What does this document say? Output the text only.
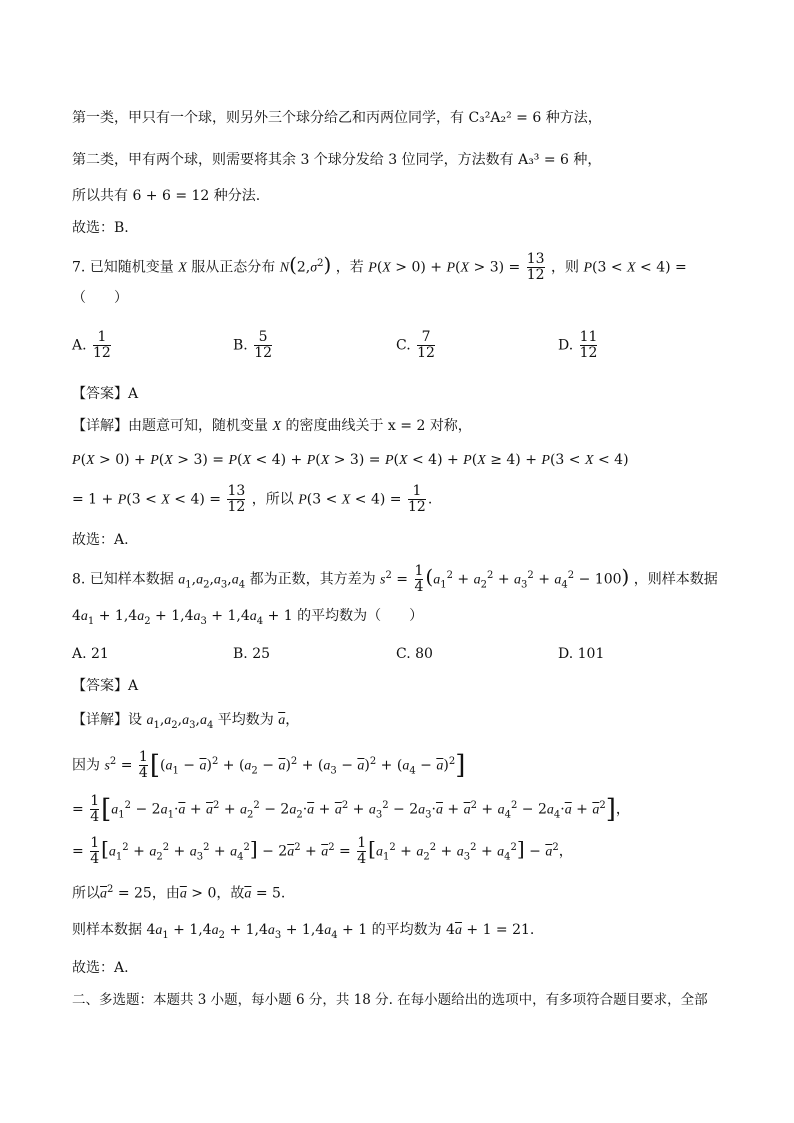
第一类，甲只有一个球，则另外三个球分给乙和丙两位同学，有 C₃²A₂² = 6 种方法，
第二类，甲有两个球，则需要将其余 3 个球分发给 3 位同学，方法数有 A₃³ = 6 种，
所以共有 6 + 6 = 12 种分法.
故选：B.
7. 已知随机变量 X 服从正态分布 $N(2,\sigma^2)$ ，若 $P(X > 0) + P(X > 3) = \frac{13}{12}$ ，则 P(3 < X < 4) =
（　　）
A. $\frac{1}{12}$	B. $\frac{5}{12}$	C. $\frac{7}{12}$	D. $\frac{11}{12}$
【答案】A
【详解】由题意可知，随机变量 X 的密度曲线关于 x = 2 对称，
P(X > 0) + P(X > 3) = P(X < 4) + P(X > 3) = P(X < 4) + P(X ≥ 4) + P(3 < X < 4)
= $1 + P(3 < X < 4) = \frac{13}{12}$ ，所以 $P(3 < X < 4) = \frac{1}{12}$ .
故选：A.
8. 已知样本数据 $a_1,a_2,a_3,a_4$ 都为正数，其方差为 $s^2 = \frac{1}{4} (a_1^2 + a_2^2 + a_3^2 + a_4^2 - 100)$ ，则样本数据
$4a_1 + 1,4a_2 + 1,4a_3 + 1,4a_4 + 1$ 的平均数为（　　）
A. 21	B. 25	C. 80	D. 101
【答案】A
【详解】设 $a_1,a_2,a_3,a_4$ 平均数为 $\overline{a}$，
因为 $s^2 = \frac{1}{4} [(a_1 - \overline{a})^2 + (a_2 - \overline{a})^2 + (a_3 - \overline{a})^2 + (a_4 - \overline{a})^2]$
= $\frac{1}{4} [a_1^2 - 2a_1\cdot\overline{a} + \overline{a}^2 + a_2^2 - 2a_2\cdot\overline{a} + \overline{a}^2 + a_3^2 - 2a_3\cdot\overline{a} + \overline{a}^2 + a_4^2 - 2a_4\cdot\overline{a} + \overline{a}^2]$，
= $\frac{1}{4} [a_1^2 + a_2^2 + a_3^2 + a_4^2] - 2\overline{a}^2 + \overline{a}^2 = \frac{1}{4} [a_1^2 + a_2^2 + a_3^2 + a_4^2] - \overline{a}^2$，
所以$\overline{a}^2 = 25$，由$\overline{a} > 0$，故$\overline{a} = 5$.
则样本数据 $4a_1 + 1,4a_2 + 1,4a_3 + 1,4a_4 + 1$ 的平均数为 $4\overline{a} + 1 = 21$.
故选：A.
二、多选题：本题共 3 小题，每小题 6 分，共 18 分. 在每小题给出的选项中，有多项符合题目要求，全部
